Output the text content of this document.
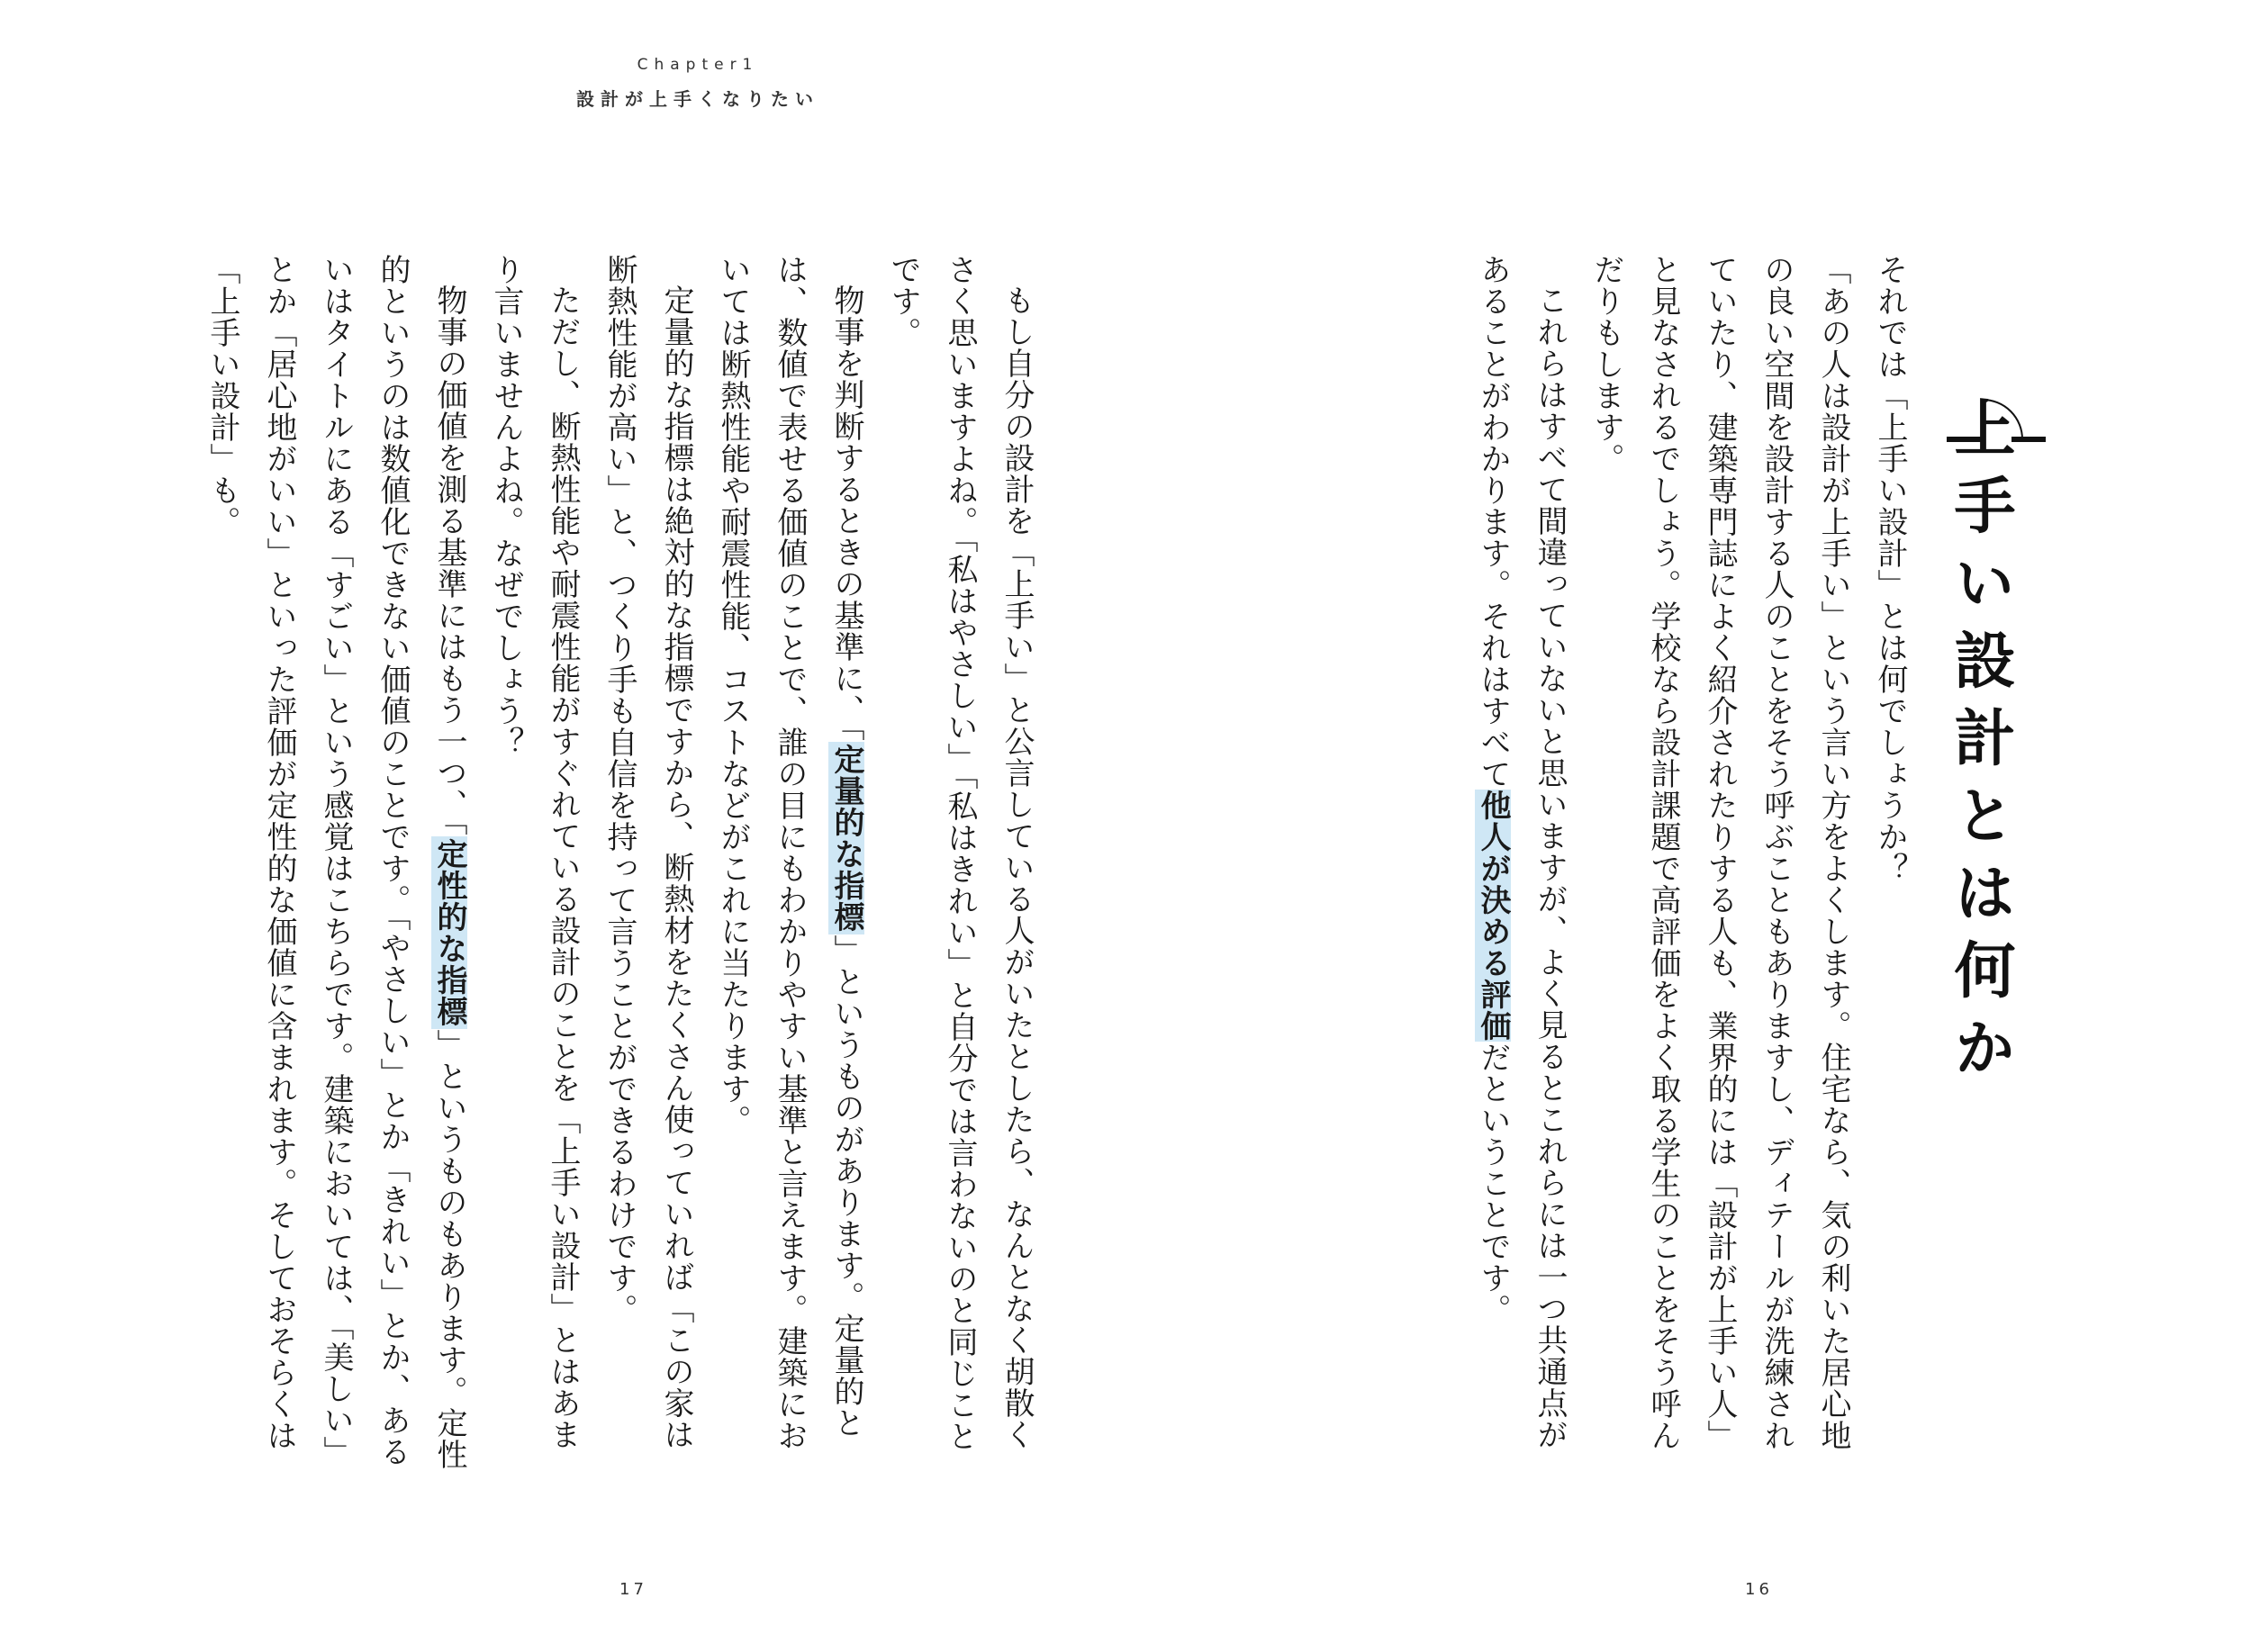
上手い設計とは何か

それでは「上手い設計」とは何でしょうか？

「あの人は設計が上手い」という言い方をよくします。住宅なら、気の利いた居心地の良い空間を設計する人のことをそう呼ぶこともありますし、ディテールが洗練されていたり、建築専門誌によく紹介されたりする人も、業界的には「設計が上手い人」と見なされるでしょう。学校なら設計課題で高評価をよく取る学生のことをそう呼んだりもします。

これらはすべて間違っていないと思いますが、よく見るとこれらには一つ共通点があることがわかります。それはすべて他人が決める評価だということです。

16
Chapter1
設計が上手くなりたい

もし自分の設計を「上手い」と公言している人がいたとしたら、なんとなく胡散くさく思いますよね。「私はやさしい」「私はきれい」と自分では言わないのと同じことです。

物事を判断するときの基準に、「定量的な指標」というものがあります。定量的とは、数値で表せる価値のことで、誰の目にもわかりやすい基準と言えます。建築においては断熱性能や耐震性能、コストなどがこれに当たります。

定量的な指標は絶対的な指標ですから、断熱材をたくさん使っていれば「この家は断熱性能が高い」と、つくり手も自信を持って言うことができるわけです。

ただし、断熱性能や耐震性能がすぐれている設計のことを「上手い設計」とはあまり言いませんよね。なぜでしょう？

物事の価値を測る基準にはもう一つ、「定性的な指標」というものもあります。定性的というのは数値化できない価値のことです。「やさしい」とか「きれい」とか、あるいはタイトルにある「すごい」という感覚はこちらです。建築においては、「美しい」とか「居心地がいい」といった評価が定性的な価値に含まれます。そしておそらくは「上手い設計」も。

17
